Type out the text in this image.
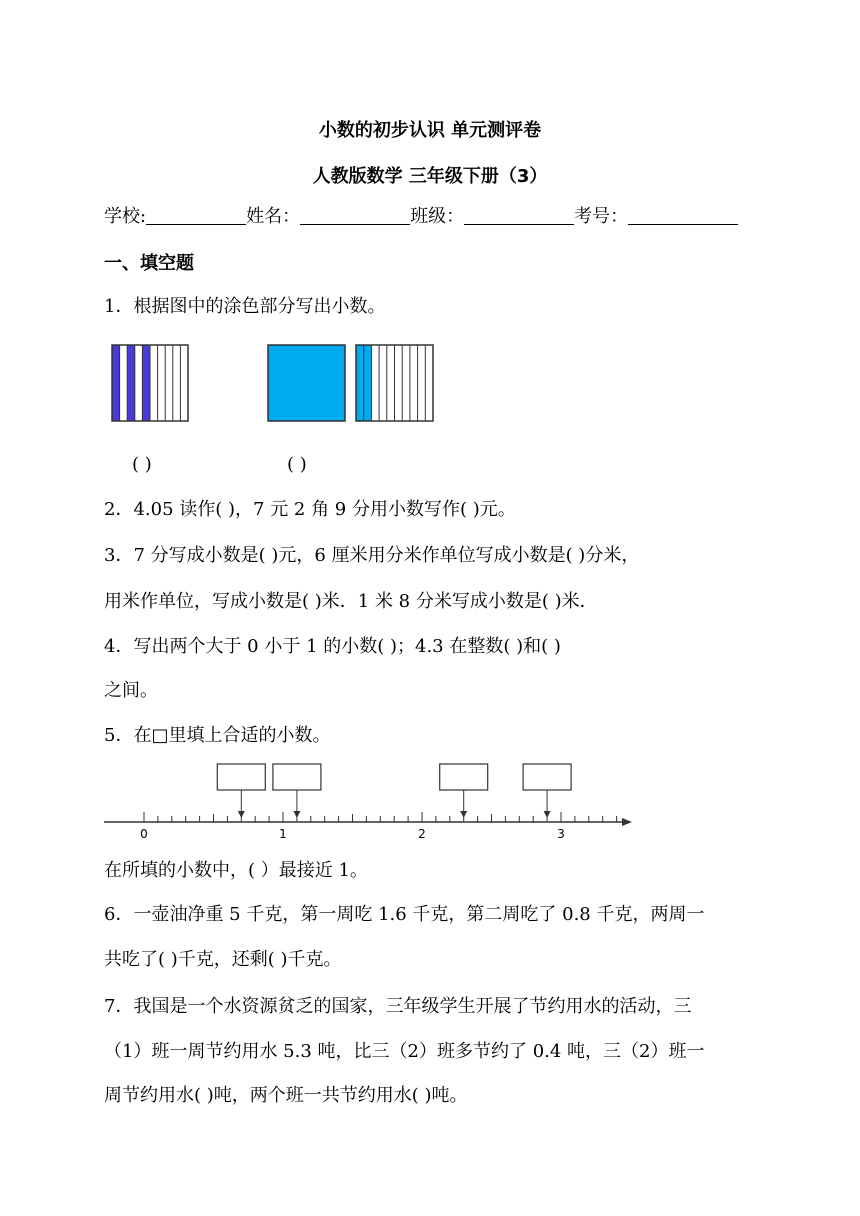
小数的初步认识 单元测评卷
人教版数学 三年级下册（3）
学校:	姓名：	班级：	考号：
一、填空题
1．根据图中的涂色部分写出小数。
( )	( )
2．4.05 读作( )，7 元 2 角 9 分用小数写作( )元。
3．7 分写成小数是( )元，6 厘米用分米作单位写成小数是( )分米，
用米作单位，写成小数是( )米．1 米 8 分米写成小数是( )米．
4．写出两个大于 0 小于 1 的小数( )；4.3 在整数( )和( )
之间。
5．在□里填上合适的小数。
0	1	2	3
在所填的小数中，( ）最接近 1。
6．一壶油净重 5 千克，第一周吃 1.6 千克，第二周吃了 0.8 千克，两周一
共吃了( )千克，还剩( )千克。
7．我国是一个水资源贫乏的国家，三年级学生开展了节约用水的活动，三
（1）班一周节约用水 5.3 吨，比三（2）班多节约了 0.4 吨，三（2）班一
周节约用水( )吨，两个班一共节约用水( )吨。
